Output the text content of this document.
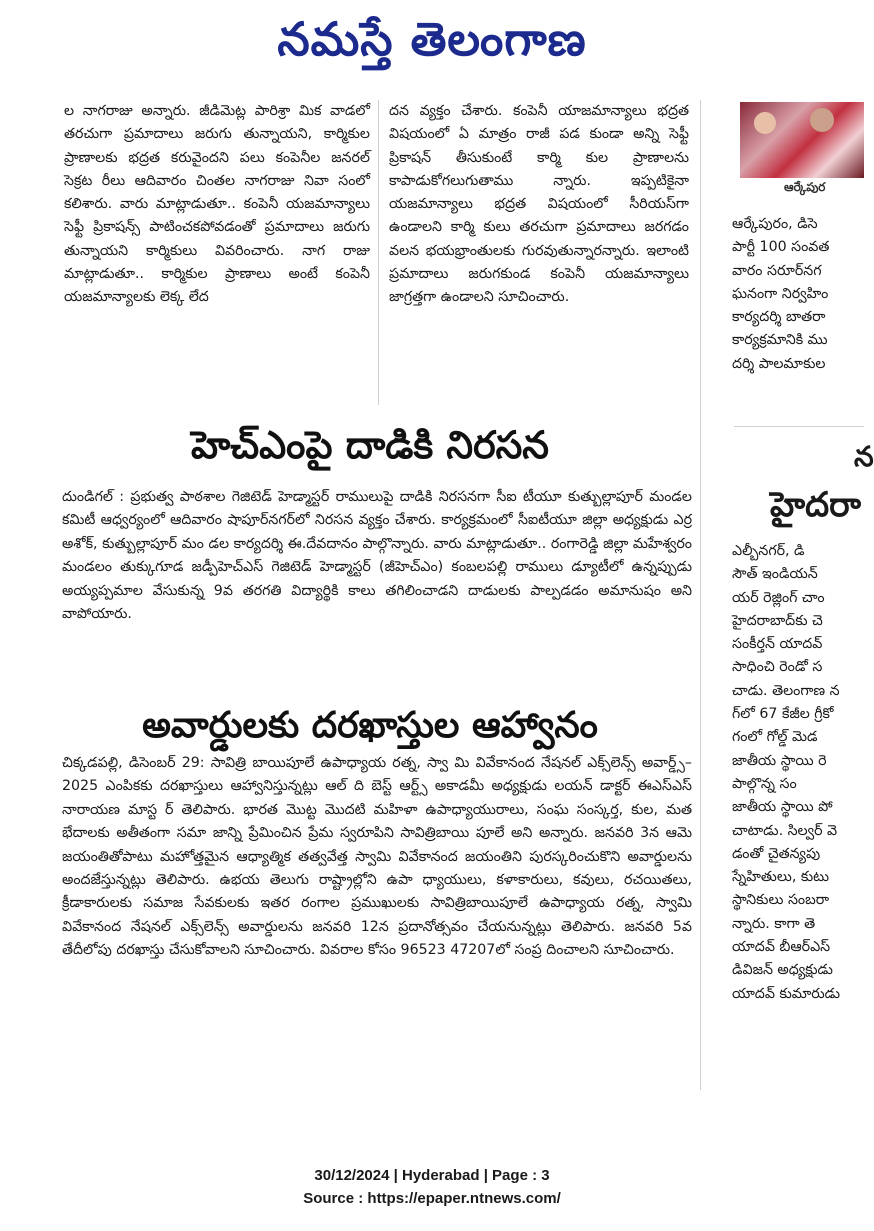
నమస్తే తెలంగాణ

ల నాగరాజు అన్నారు. జీడిమెట్ల పారిశ్రా మిక వాడలో తరచుగా ప్రమాదాలు జరుగు తున్నాయని, కార్మికుల ప్రాణాలకు భద్రత కరువైందని పలు కంపెనీల జనరల్ సెక్రట రీలు ఆదివారం చింతల నాగరాజు నివా సంలో కలిశారు. వారు మాట్లాడుతూ.. కంపెనీ యజమాన్యాలు సెఫ్టీ ప్రికాషన్స్ పాటించకపోవడంతో ప్రమాదాలు జరుగు తున్నాయని కార్మికులు వివరించారు. నాగ రాజు మాట్లాడుతూ.. కార్మికుల ప్రాణాలు అంటే కంపెనీ యజమాన్యాలకు లెక్క లేద

దన వ్యక్తం చేశారు. కంపెనీ యాజమాన్యాలు భద్రత విషయంలో ఏ మాత్రం రాజీ పడ కుండా అన్ని సెఫ్టీ ప్రికాషన్ తీసుకుంటే కార్మి కుల ప్రాణాలను కాపాడుకోగలుగుతాము న్నారు. ఇప్పటికైనా యజమాన్యాలు భద్రత విషయంలో సీరియస్‌గా ఉండాలని కార్మి కులు తరచుగా ప్రమాదాలు జరగడం వలన భయభ్రాంతులకు గురవుతున్నారన్నారు. ఇలాంటి ప్రమాదాలు జరుగకుండ కంపెనీ యజమాన్యాలు జాగ్రత్తగా ఉండాలని సూచించారు.

హెచ్‌ఎంపై దాడికి నిరసన
దుండిగల్ : ప్రభుత్వ పాఠశాల గెజిటెడ్ హెడ్మాస్టర్ రాములుపై దాడికి నిరసనగా సీఐ టీయూ కుత్బుల్లాపూర్ మండల కమిటీ ఆధ్వర్యంలో ఆదివారం షాపూర్‌నగర్‌లో నిరసన వ్యక్తం చేశారు. కార్యక్రమంలో సీఐటీయూ జిల్లా అధ్యక్షుడు ఎర్ర అశోక్, కుత్బుల్లాపూర్ మం డల కార్యదర్శి ఈ.దేవదానం పాల్గొన్నారు. వారు మాట్లాడుతూ.. రంగారెడ్డి జిల్లా మహేశ్వరం మండలం తుక్కుగూడ జడ్పీహెచ్ఎస్ గెజిటెడ్ హెడ్మాస్టర్ (జీహెచ్ఎం) కంబలపల్లి రాములు డ్యూటీలో ఉన్నప్పుడు అయ్యప్పమాల వేసుకున్న 9వ తరగతి విద్యార్థికి కాలు తగిలించాడని దాడులకు పాల్పడడం అమానుషం అని వాపోయారు.
అవార్డులకు దరఖాస్తుల ఆహ్వానం
చిక్కడపల్లి, డిసెంబర్ 29: సావిత్రి బాయిపూలే ఉపాధ్యాయ రత్న, స్వా మి వివేకానంద నేషనల్ ఎక్స్‌లెన్స్ అవార్డ్స్–2025 ఎంపికకు దరఖాస్తులు ఆహ్వానిస్తున్నట్లు ఆల్ ది బెస్ట్ ఆర్ట్స్ అకాడమీ అధ్యక్షుడు లయన్ డాక్టర్ ఈఎస్ఎస్ నారాయణ మాస్ట ర్ తెలిపారు. భారత మొట్ట మొదటి మహిళా ఉపాధ్యాయురాలు, సంఘ సంస్కర్త, కుల, మత భేదాలకు అతీతంగా సమా జాన్ని ప్రేమించిన ప్రేమ స్వరూపిని సావిత్రిబాయి పూలే అని అన్నారు. జనవరి 3న ఆమె జయంతితోపాటు మహోత్తమైన ఆధ్యాత్మిక తత్వవేత్త స్వామి వివేకానంద జయంతిని పురస్కరించుకొని అవార్డులను అందజేస్తున్నట్లు తెలిపారు. ఉభయ తెలుగు రాష్ట్రాల్లోని ఉపా ధ్యాయులు, కళాకారులు, కవులు, రచయితలు, క్రీడాకారులకు సమాజ సేవకులకు ఇతర రంగాల ప్రముఖులకు సావిత్రిబాయిపూలే ఉపాధ్యాయ రత్న, స్వామి వివేకానంద నేషనల్ ఎక్స్‌లెన్స్ అవార్డులను జనవరి 12న ప్రదానోత్సవం చేయనున్నట్లు తెలిపారు. జనవరి 5వ తేదీలోపు దరఖాస్తు చేసుకోవాలని సూచించారు. వివరాల కోసం 96523 47207లో సంప్ర దించాలని సూచించారు.
ఆర్కేపుర
ఆర్కేపురం, డిసె
పార్టీ 100 సంవత
వారం సరూర్‌నగ
ఘనంగా నిర్వహిం
కార్యదర్శి బాతరా
కార్యక్రమానికి ము
దర్శి పాలమాకుల
న
హైదరా
ఎల్బీనగర్, డి
సౌత్ ఇండియన్
యర్ రెజ్లింగ్ చాం
హైదరాబాద్‌కు చె
సంకీర్తన్ యాదవ్
సాధించి రెండో స
చాడు. తెలంగాణ న
గ్‌లో 67 కేజీల గ్రీకో
గంలో గోల్డ్ మెడ
జాతీయ స్థాయి రె
పాల్గొన్న సం
జాతీయ స్థాయి పో
చాటాడు. సిల్వర్ వె
డంతో చైతన్యపు
స్నేహితులు, కుటు
స్థానికులు సంబరా
న్నారు. కాగా తె
యాదవ్ బీఆర్ఎస్
డివిజన్ అధ్యక్షుడు
యాదవ్ కుమారుడు
30/12/2024 | Hyderabad | Page : 3
Source : https://epaper.ntnews.com/
